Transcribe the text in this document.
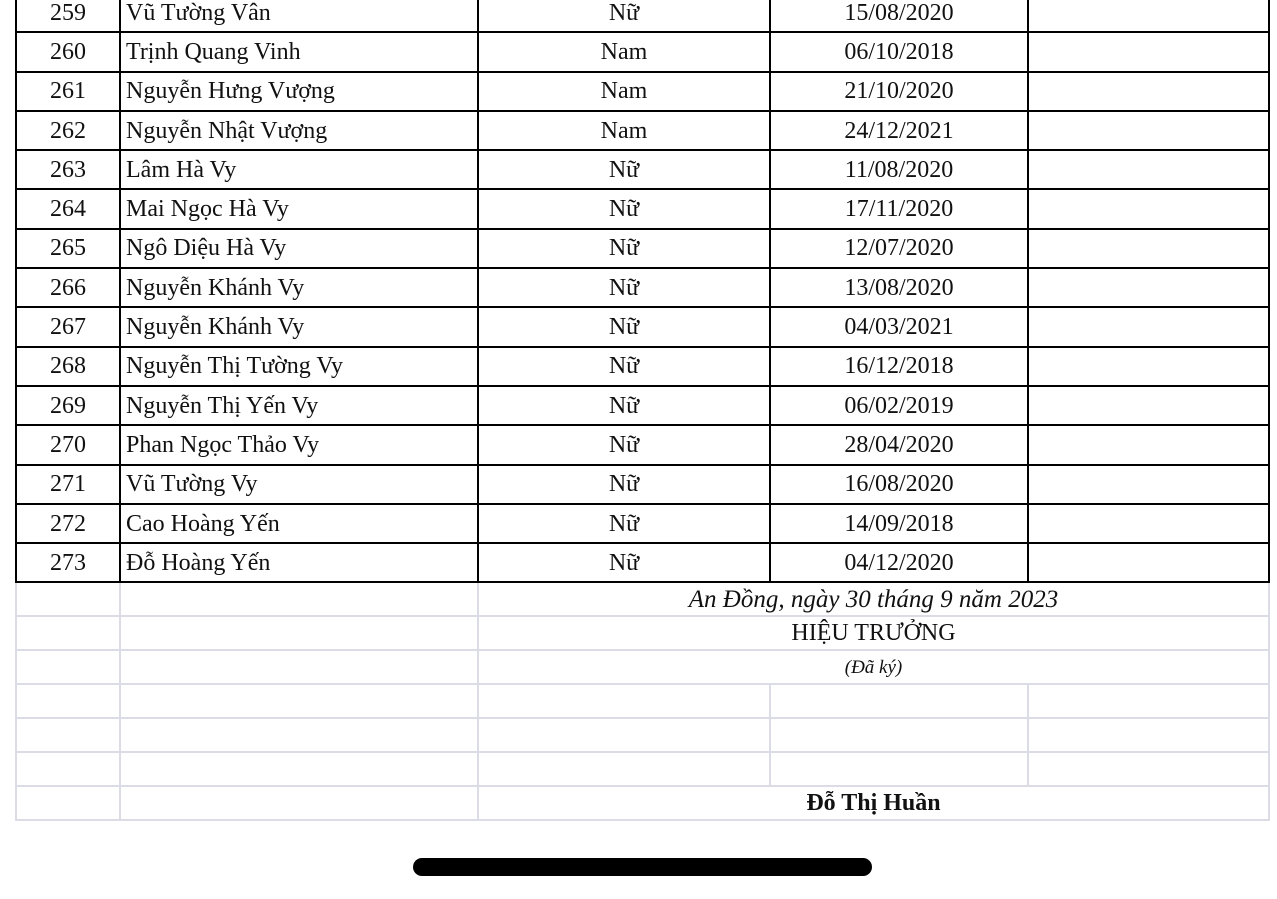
259	Vũ Tường Vân	Nữ	15/08/2020	
260	Trịnh Quang Vinh	Nam	06/10/2018	
261	Nguyễn Hưng Vượng	Nam	21/10/2020	
262	Nguyễn Nhật Vượng	Nam	24/12/2021	
263	Lâm Hà Vy	Nữ	11/08/2020	
264	Mai Ngọc Hà Vy	Nữ	17/11/2020	
265	Ngô Diệu Hà Vy	Nữ	12/07/2020	
266	Nguyễn Khánh Vy	Nữ	13/08/2020	
267	Nguyễn Khánh Vy	Nữ	04/03/2021	
268	Nguyễn Thị Tường Vy	Nữ	16/12/2018	
269	Nguyễn Thị Yến Vy	Nữ	06/02/2019	
270	Phan Ngọc Thảo Vy	Nữ	28/04/2020	
271	Vũ Tường Vy	Nữ	16/08/2020	
272	Cao Hoàng Yến	Nữ	14/09/2018	
273	Đỗ Hoàng Yến	Nữ	04/12/2020	
		An Đồng, ngày 30 tháng 9 năm 2023		
		HIỆU TRƯỞNG		
		(Đã ký)		

		Đỗ Thị Huần		
